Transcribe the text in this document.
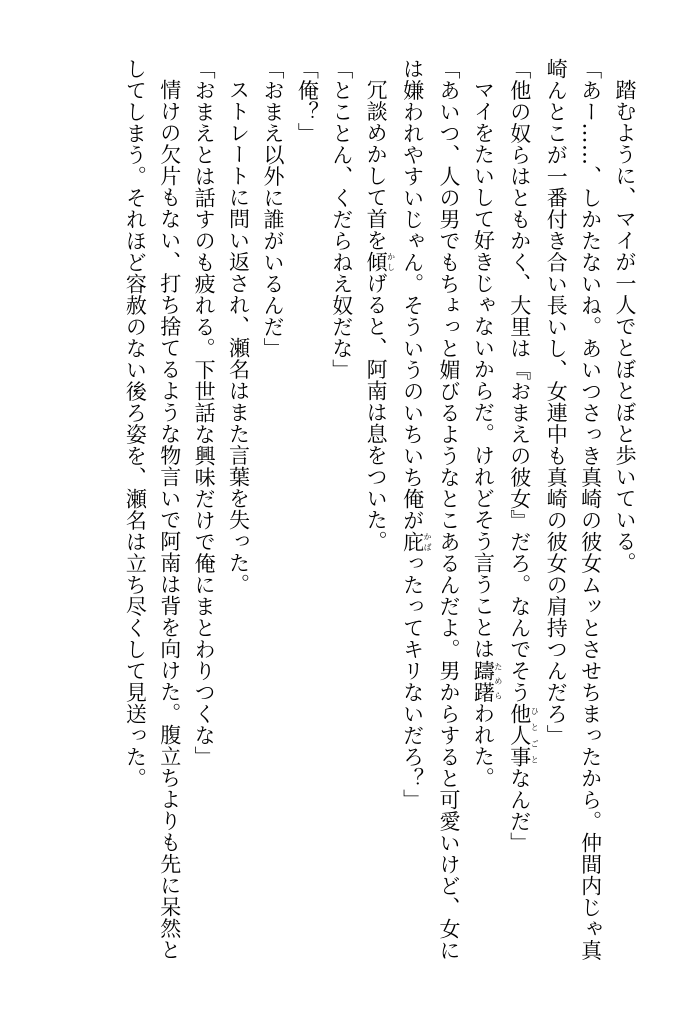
踏むように、マイが一人でとぼとぼと歩いている。
「あー……、しかたないね。あいつさっき真崎の彼女ムッとさせちまったから。仲間内じゃ真
崎んとこが一番付き合い長いし、女連中も真崎の彼女の肩持つんだろ」
「他の奴らはともかく、大里は『おまえの彼女』だろ。なんでそう他人事ひとごとなんだ」
マイをたいして好きじゃないからだ。けれどそう言うことは躊躇ためらわれた。
「あいつ、人の男でもちょっと媚びるようなとこあるんだよ。男からすると可愛いけど、女に
は嫌われやすいじゃん。そういうのいちいち俺が庇かばったってキリないだろ？」
冗談めかして首を傾かしげると、阿南は息をついた。
「とことん、くだらねえ奴だな」
「俺？」
「おまえ以外に誰がいるんだ」
ストレートに問い返され、瀬名はまた言葉を失った。
「おまえとは話すのも疲れる。下世話な興味だけで俺にまとわりつくな」
情けの欠片もない、打ち捨てるような物言いで阿南は背を向けた。腹立ちよりも先に呆然と
してしまう。それほど容赦のない後ろ姿を、瀬名は立ち尽くして見送った。
